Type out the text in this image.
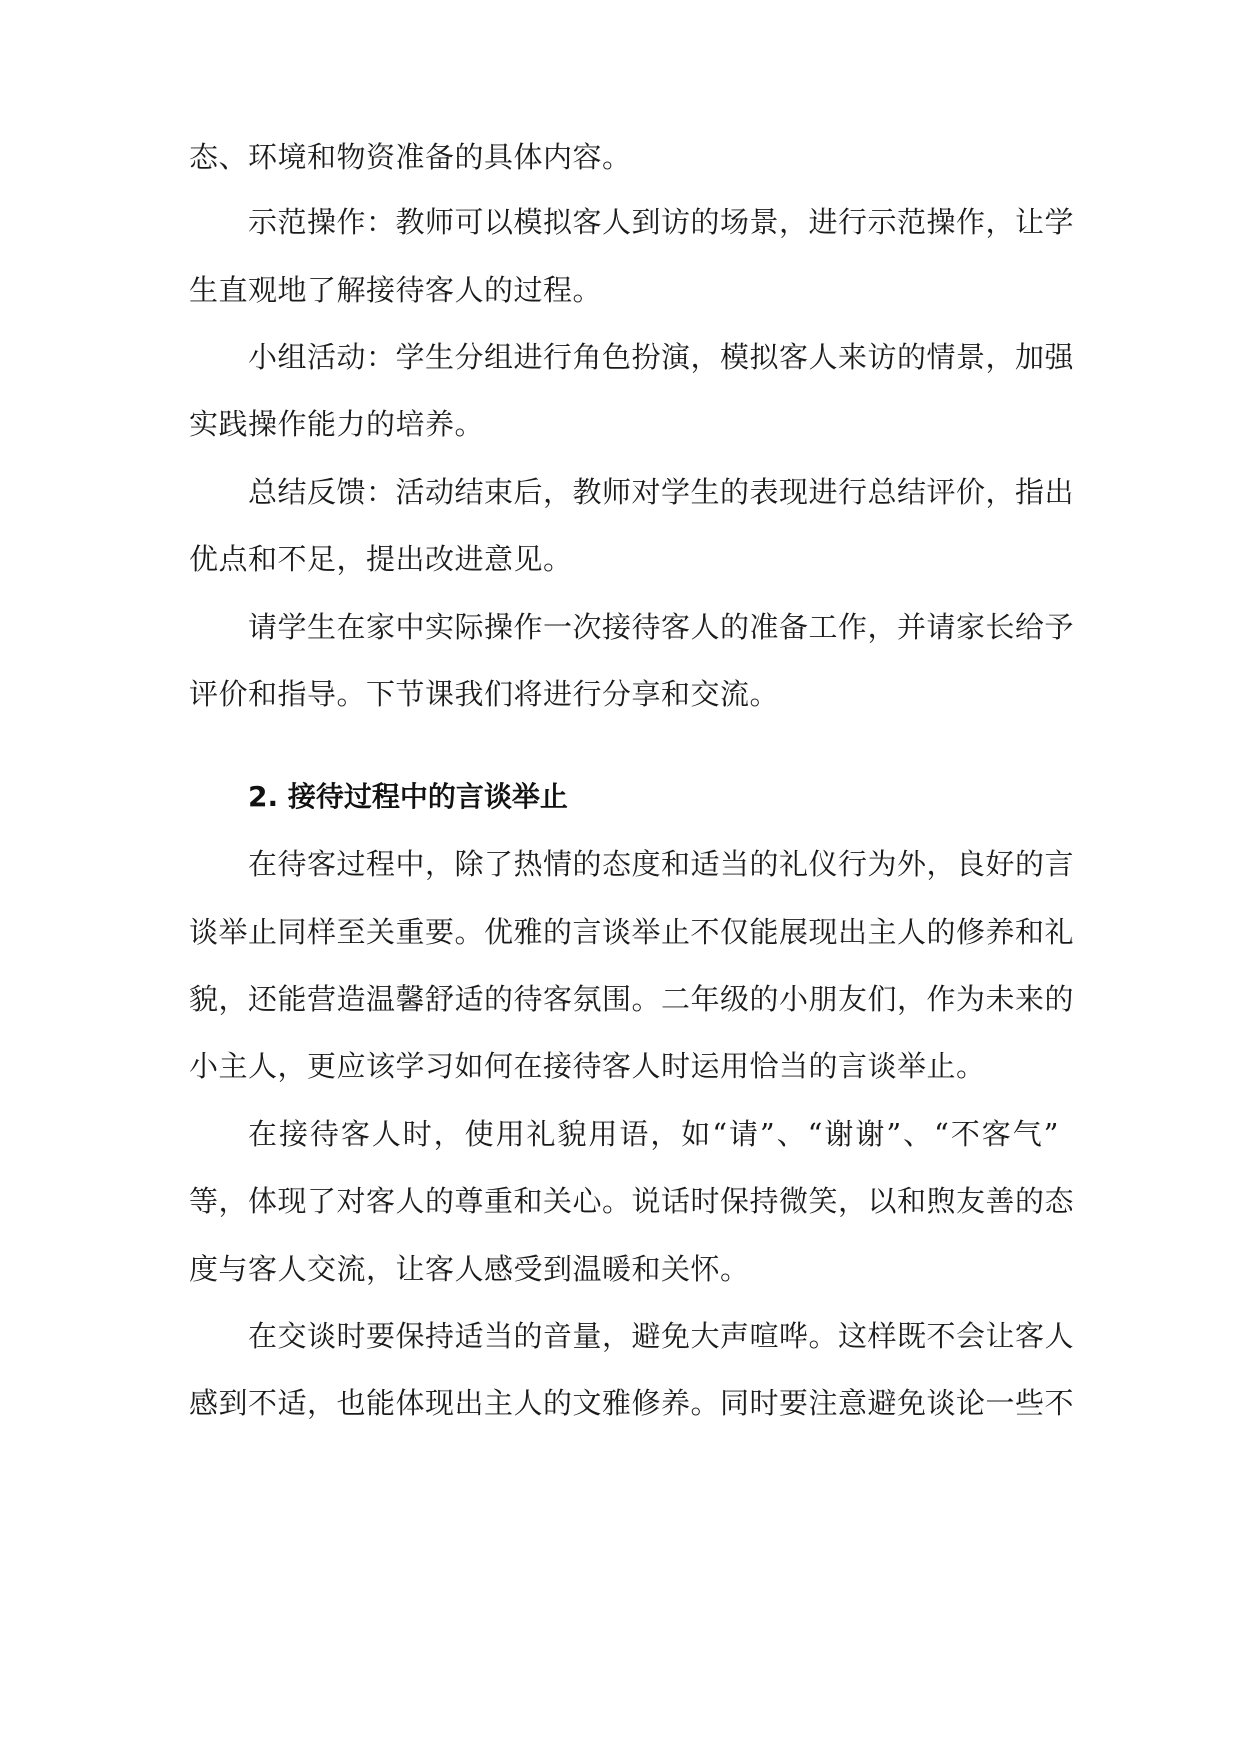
态、环境和物资准备的具体内容。

示范操作：教师可以模拟客人到访的场景，进行示范操作，让学

生直观地了解接待客人的过程。

小组活动：学生分组进行角色扮演，模拟客人来访的情景，加强

实践操作能力的培养。

总结反馈：活动结束后，教师对学生的表现进行总结评价，指出

优点和不足，提出改进意见。

请学生在家中实际操作一次接待客人的准备工作，并请家长给予

评价和指导。下节课我们将进行分享和交流。

2. 接待过程中的言谈举止

在待客过程中，除了热情的态度和适当的礼仪行为外，良好的言

谈举止同样至关重要。优雅的言谈举止不仅能展现出主人的修养和礼

貌，还能营造温馨舒适的待客氛围。二年级的小朋友们，作为未来的

小主人，更应该学习如何在接待客人时运用恰当的言谈举止。

在接待客人时，使用礼貌用语，如“请”、“谢谢”、“不客气”

等，体现了对客人的尊重和关心。说话时保持微笑，以和煦友善的态

度与客人交流，让客人感受到温暖和关怀。

在交谈时要保持适当的音量，避免大声喧哗。这样既不会让客人

感到不适，也能体现出主人的文雅修养。同时要注意避免谈论一些不
